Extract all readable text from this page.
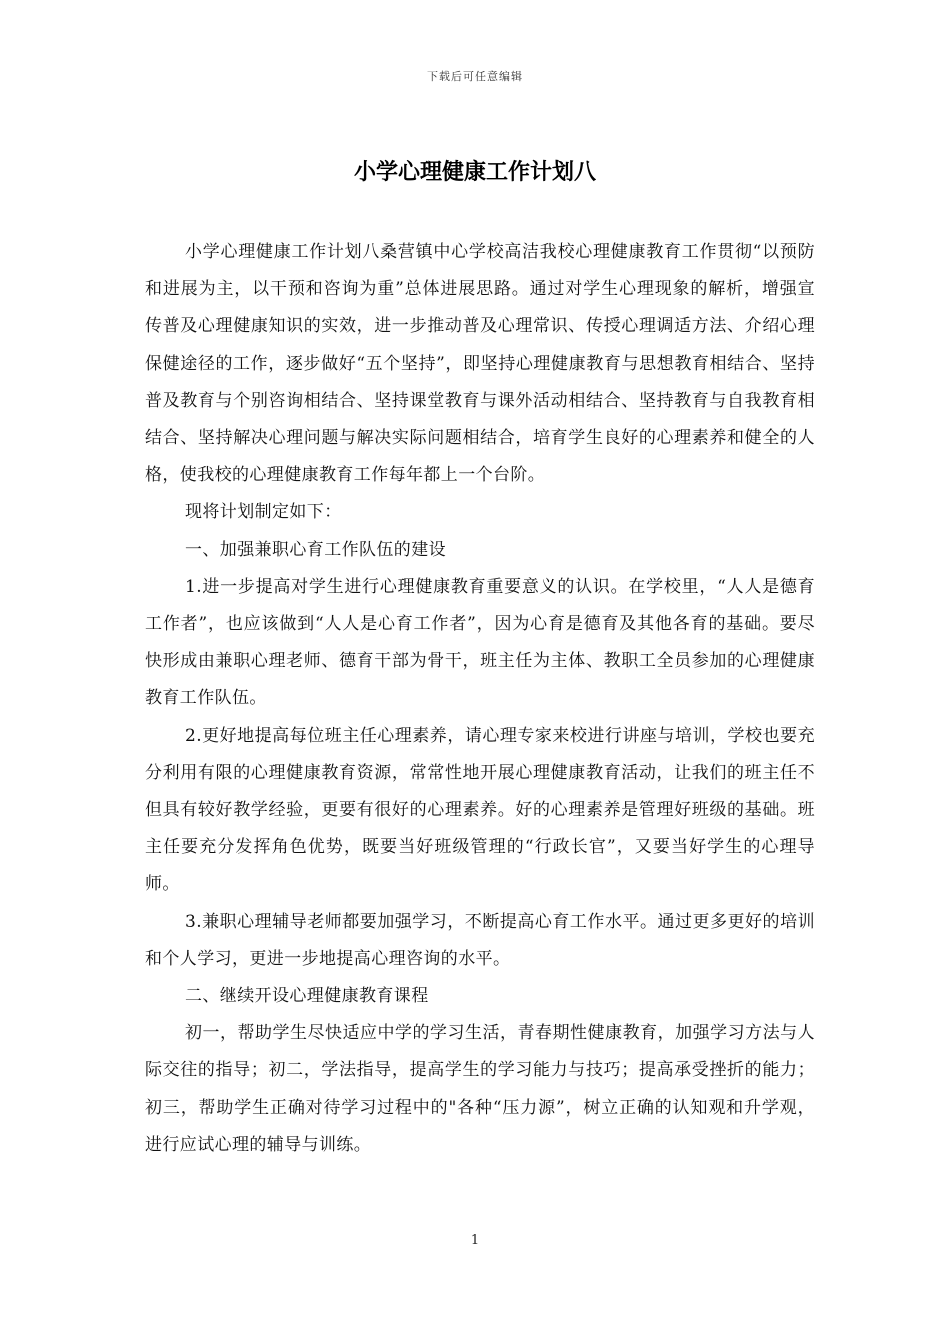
下载后可任意编辑
小学心理健康工作计划八

小学心理健康工作计划八桑营镇中心学校高洁我校心理健康教育工作贯彻“以预防和进展为主，以干预和咨询为重”总体进展思路。通过对学生心理现象的解析，增强宣传普及心理健康知识的实效，进一步推动普及心理常识、传授心理调适方法、介绍心理保健途径的工作，逐步做好“五个坚持”，即坚持心理健康教育与思想教育相结合、坚持普及教育与个别咨询相结合、坚持课堂教育与课外活动相结合、坚持教育与自我教育相结合、坚持解决心理问题与解决实际问题相结合，培育学生良好的心理素养和健全的人格，使我校的心理健康教育工作每年都上一个台阶。

现将计划制定如下：

一、加强兼职心育工作队伍的建设

1.进一步提高对学生进行心理健康教育重要意义的认识。在学校里，“人人是德育工作者”，也应该做到“人人是心育工作者”，因为心育是德育及其他各育的基础。要尽快形成由兼职心理老师、德育干部为骨干，班主任为主体、教职工全员参加的心理健康教育工作队伍。

2.更好地提高每位班主任心理素养，请心理专家来校进行讲座与培训，学校也要充分利用有限的心理健康教育资源，常常性地开展心理健康教育活动，让我们的班主任不但具有较好教学经验，更要有很好的心理素养。好的心理素养是管理好班级的基础。班主任要充分发挥角色优势，既要当好班级管理的“行政长官”，又要当好学生的心理导师。

3.兼职心理辅导老师都要加强学习，不断提高心育工作水平。通过更多更好的培训和个人学习，更进一步地提高心理咨询的水平。

二、继续开设心理健康教育课程

初一，帮助学生尽快适应中学的学习生活，青春期性健康教育，加强学习方法与人际交往的指导；初二，学法指导，提高学生的学习能力与技巧；提高承受挫折的能力；初三，帮助学生正确对待学习过程中的"各种“压力源”，树立正确的认知观和升学观，进行应试心理的辅导与训练。

1
